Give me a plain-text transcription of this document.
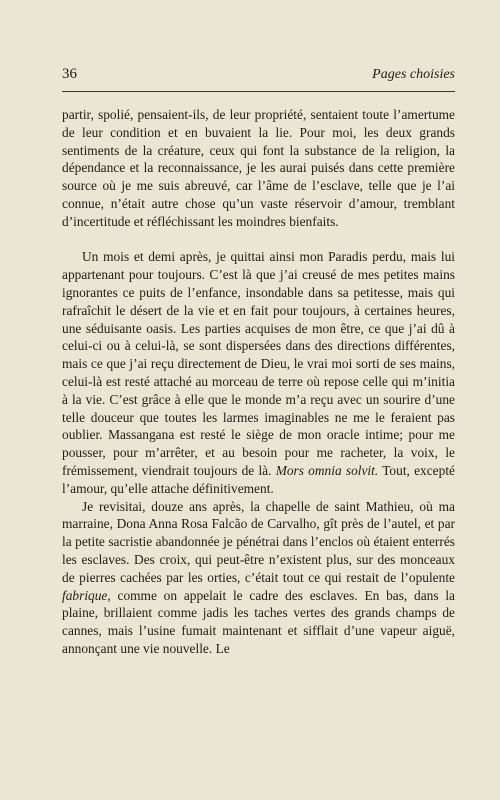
36	Pages choisies

partir, spolié, pensaient-ils, de leur propriété, sentaient toute l’amertume de leur condition et en buvaient la lie. Pour moi, les deux grands sentiments de la créature, ceux qui font la substance de la religion, la dépendance et la reconnaissance, je les aurai puisés dans cette première source où je me suis abreuvé, car l’âme de l’esclave, telle que je l’ai connue, n’était autre chose qu’un vaste réservoir d’amour, tremblant d’incertitude et réfléchissant les moindres bienfaits.

Un mois et demi après, je quittai ainsi mon Paradis perdu, mais lui appartenant pour toujours. C’est là que j’ai creusé de mes petites mains ignorantes ce puits de l’enfance, insondable dans sa petitesse, mais qui rafraîchit le désert de la vie et en fait pour toujours, à certaines heures, une séduisante oasis. Les parties acquises de mon être, ce que j’ai dû à celui-ci ou à celui-là, se sont dispersées dans des directions différentes, mais ce que j’ai reçu directement de Dieu, le vrai moi sorti de ses mains, celui-là est resté attaché au morceau de terre où repose celle qui m’initia à la vie. C’est grâce à elle que le monde m’a reçu avec un sourire d’une telle douceur que toutes les larmes imaginables ne me le feraient pas oublier. Massangana est resté le siège de mon oracle intime; pour me pousser, pour m’arrêter, et au besoin pour me racheter, la voix, le frémissement, viendrait toujours de là. Mors omnia solvit. Tout, excepté l’amour, qu’elle attache définitivement.

Je revisitai, douze ans après, la chapelle de saint Mathieu, où ma marraine, Dona Anna Rosa Falcão de Carvalho, gît près de l’autel, et par la petite sacristie abandonnée je pénétrai dans l’enclos où étaient enterrés les esclaves. Des croix, qui peut-être n’existent plus, sur des monceaux de pierres cachées par les orties, c’était tout ce qui restait de l’opulente fabrique, comme on appelait le cadre des esclaves. En bas, dans la plaine, brillaient comme jadis les taches vertes des grands champs de cannes, mais l’usine fumait maintenant et sifflait d’une vapeur aiguë, annonçant une vie nouvelle. Le
